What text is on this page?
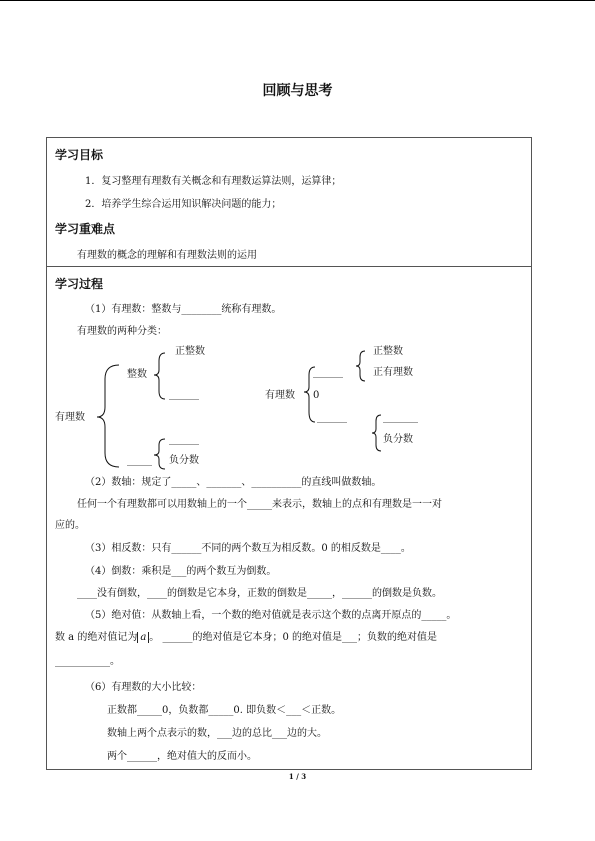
回顾与思考
学习目标
1．复习整理有理数有关概念和有理数运算法则，运算律；
2．培养学生综合运用知识解决问题的能力；
学习重难点
有理数的概念的理解和有理数法则的运用
学习过程
（1）有理数：整数与________统称有理数。
有理数的两种分类：
有理数
整数
正整数
______
______
_____ 负分数
有理数 0
正整数
正有理数
______
______	_______
负分数
（2）数轴：规定了_____、_______、__________的直线叫做数轴。
任何一个有理数都可以用数轴上的一个_____来表示，数轴上的点和有理数是一一对
应的。
（3）相反数：只有______不同的两个数互为相反数。0 的相反数是____。
（4）倒数：乘积是___的两个数互为倒数。
____没有倒数，____的倒数是它本身，正数的倒数是_____，______的倒数是负数。
（5）绝对值：从数轴上看，一个数的绝对值就是表示这个数的点离开原点的_____。
数 a 的绝对值记为 a 。 ______的绝对值是它本身；0 的绝对值是___；负数的绝对值是
___________。
（6）有理数的大小比较：
正数都_____0，负数都_____0. 即负数＜___＜正数。
数轴上两个点表示的数，___边的总比___边的大。
两个______，绝对值大的反而小。
1 / 3
